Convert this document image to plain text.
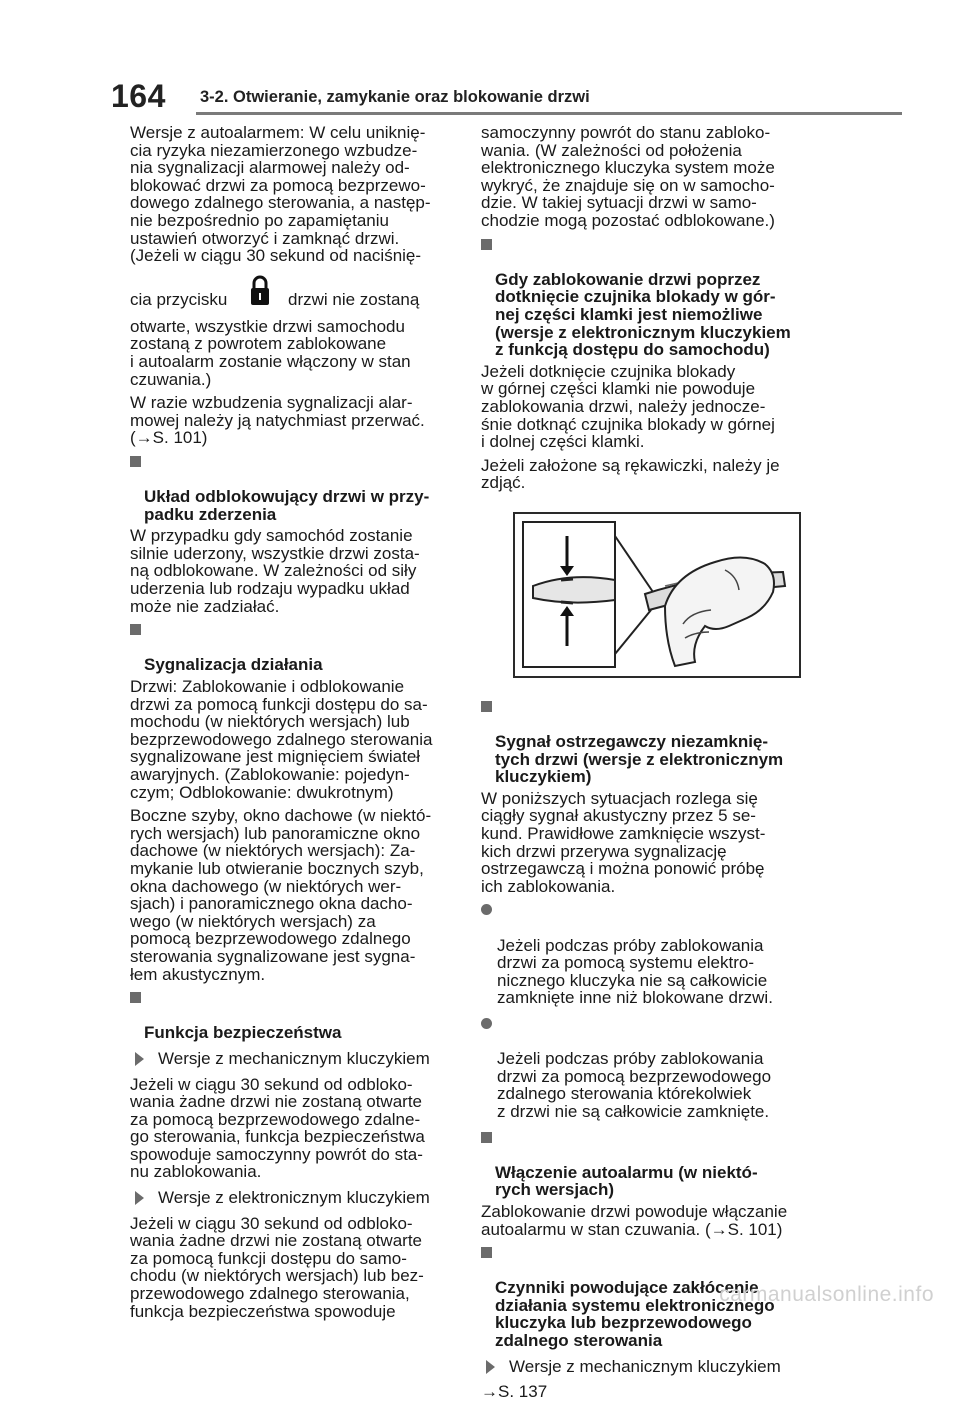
164 3-2. Otwieranie, zamykanie oraz blokowanie drzwi

Wersje z autoalarmem: W celu uniknię-
cia ryzyka niezamierzonego wzbudze-
nia sygnalizacji alarmowej należy od-
blokować drzwi za pomocą bezprzewo-
dowego zdalnego sterowania, a następ-
nie bezpośrednio po zapamiętaniu
ustawień otworzyć i zamknąć drzwi.
(Jeżeli w ciągu 30 sekund od naciśnię-

cia przycisku	drzwi nie zostaną

otwarte, wszystkie drzwi samochodu
zostaną z powrotem zablokowane
i autoalarm zostanie włączony w stan
czuwania.)

W razie wzbudzenia sygnalizacji alar-
mowej należy ją natychmiast przerwać.
(→S. 101)

Układ odblokowujący drzwi w przy-
padku zderzenia

W przypadku gdy samochód zostanie
silnie uderzony, wszystkie drzwi zosta-
ną odblokowane. W zależności od siły
uderzenia lub rodzaju wypadku układ
może nie zadziałać.

Sygnalizacja działania

Drzwi: Zablokowanie i odblokowanie
drzwi za pomocą funkcji dostępu do sa-
mochodu (w niektórych wersjach) lub
bezprzewodowego zdalnego sterowania
sygnalizowane jest mignięciem świateł
awaryjnych. (Zablokowanie: pojedyn-
czym; Odblokowanie: dwukrotnym)

Boczne szyby, okno dachowe (w niektó-
rych wersjach) lub panoramiczne okno
dachowe (w niektórych wersjach): Za-
mykanie lub otwieranie bocznych szyb,
okna dachowego (w niektórych wer-
sjach) i panoramicznego okna dacho-
wego (w niektórych wersjach) za
pomocą bezprzewodowego zdalnego
sterowania sygnalizowane jest sygna-
łem akustycznym.

Funkcja bezpieczeństwa

Wersje z mechanicznym kluczykiem

Jeżeli w ciągu 30 sekund od odbloko-
wania żadne drzwi nie zostaną otwarte
za pomocą bezprzewodowego zdalne-
go sterowania, funkcja bezpieczeństwa
spowoduje samoczynny powrót do sta-
nu zablokowania.

Wersje z elektronicznym kluczykiem

Jeżeli w ciągu 30 sekund od odbloko-
wania żadne drzwi nie zostaną otwarte
za pomocą funkcji dostępu do samo-
chodu (w niektórych wersjach) lub bez-
przewodowego zdalnego sterowania,
funkcja bezpieczeństwa spowoduje

samoczynny powrót do stanu zabloko-
wania. (W zależności od położenia
elektronicznego kluczyka system może
wykryć, że znajduje się on w samocho-
dzie. W takiej sytuacji drzwi w samo-
chodzie mogą pozostać odblokowane.)

Gdy zablokowanie drzwi poprzez
dotknięcie czujnika blokady w gór-
nej części klamki jest niemożliwe
(wersje z elektronicznym kluczykiem
z funkcją dostępu do samochodu)

Jeżeli dotknięcie czujnika blokady
w górnej części klamki nie powoduje
zablokowania drzwi, należy jednocze-
śnie dotknąć czujnika blokady w górnej
i dolnej części klamki.

Jeżeli założone są rękawiczki, należy je
zdjąć.

Sygnał ostrzegawczy niezamknię-
tych drzwi (wersje z elektronicznym
kluczykiem)

W poniższych sytuacjach rozlega się
ciągły sygnał akustyczny przez 5 se-
kund. Prawidłowe zamknięcie wszyst-
kich drzwi przerywa sygnalizację
ostrzegawczą i można ponowić próbę
ich zablokowania.

Jeżeli podczas próby zablokowania
drzwi za pomocą systemu elektro-
nicznego kluczyka nie są całkowicie
zamknięte inne niż blokowane drzwi.

Jeżeli podczas próby zablokowania
drzwi za pomocą bezprzewodowego
zdalnego sterowania którekolwiek
z drzwi nie są całkowicie zamknięte.

Włączenie autoalarmu (w niektó-
rych wersjach)

Zablokowanie drzwi powoduje włączanie
autoalarmu w stan czuwania. (→S. 101)

Czynniki powodujące zakłócenie
działania systemu elektronicznego
kluczyka lub bezprzewodowego
zdalnego sterowania

Wersje z mechanicznym kluczykiem

→S. 137

carmanualsonline.info
